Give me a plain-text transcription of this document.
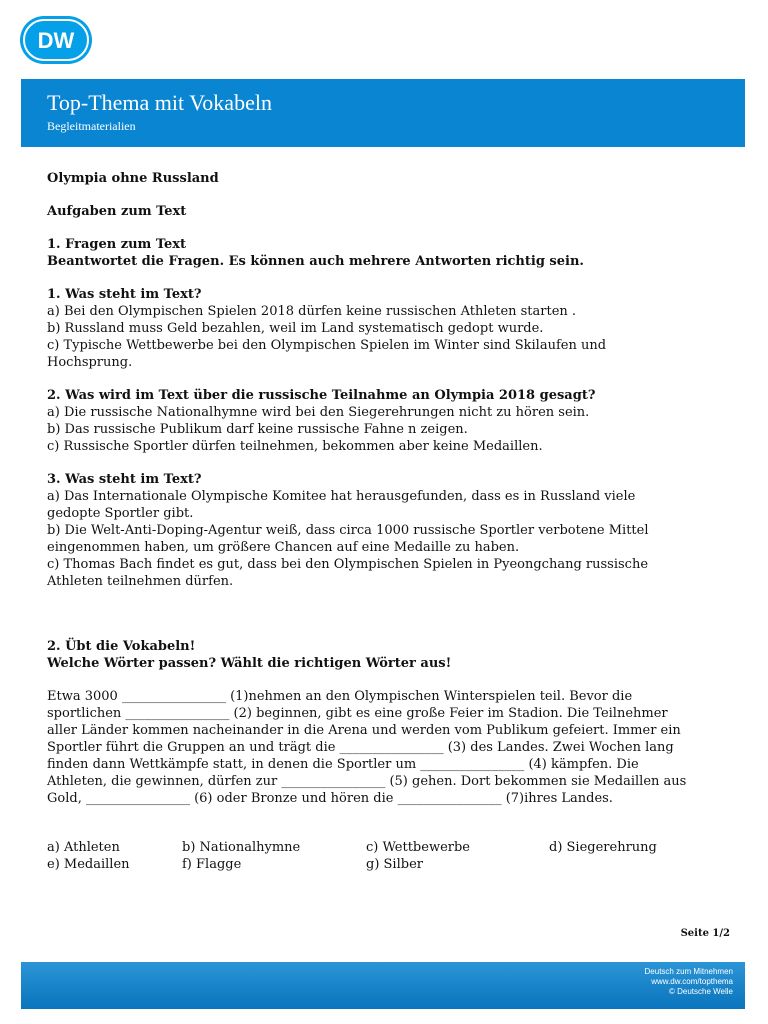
DW
Top-Thema mit Vokabeln
Begleitmaterialien
Olympia ohne Russland
Aufgaben zum Text
1. Fragen zum Text
Beantwortet die Fragen. Es können auch mehrere Antworten richtig sein.
1. Was steht im Text?

a) Bei den Olympischen Spielen 2018 dürfen keine russischen Athleten starten .

b) Russland muss Geld bezahlen, weil im Land systematisch gedopt wurde.

c) Typische Wettbewerbe bei den Olympischen Spielen im Winter sind Skilaufen und Hochsprung.

2. Was wird im Text über die russische Teilnahme an Olympia 2018 gesagt?

a) Die russische Nationalhymne wird bei den Siegerehrungen nicht zu hören sein.

b) Das russische Publikum darf keine russische Fahne n zeigen.

c) Russische Sportler dürfen teilnehmen, bekommen aber keine Medaillen.

3. Was steht im Text?

a) Das Internationale Olympische Komitee hat herausgefunden, dass es in Russland viele gedopte Sportler gibt.

b) Die Welt-Anti-Doping-Agentur weiß, dass circa 1000 russische Sportler verbotene Mittel eingenommen haben, um größere Chancen auf eine Medaille zu haben.

c) Thomas Bach findet es gut, dass bei den Olympischen Spielen in Pyeongchang russische Athleten teilnehmen dürfen.

2. Übt die Vokabeln!
Welche Wörter passen? Wählt die richtigen Wörter aus!

Etwa 3000 ________________ (1)nehmen an den Olympischen Winterspielen teil. Bevor die sportlichen ________________ (2) beginnen, gibt es eine große Feier im Stadion. Die Teilnehmer aller Länder kommen nacheinander in die Arena und werden vom Publikum gefeiert. Immer ein Sportler führt die Gruppen an und trägt die ________________ (3) des Landes. Zwei Wochen lang finden dann Wettkämpfe statt, in denen die Sportler um ________________ (4) kämpfen. Die Athleten, die gewinnen, dürfen zur ________________ (5) gehen. Dort bekommen sie Medaillen aus Gold, ________________ (6) oder Bronze und hören die ________________ (7)ihres Landes.

a) Athleten	b) Nationalhymne	c) Wettbewerbe	d) Siegerehrung
e) Medaillen	f) Flagge	g) Silber
Seite 1/2
Deutsch zum Mitnehmen
www.dw.com/topthema
© Deutsche Welle
